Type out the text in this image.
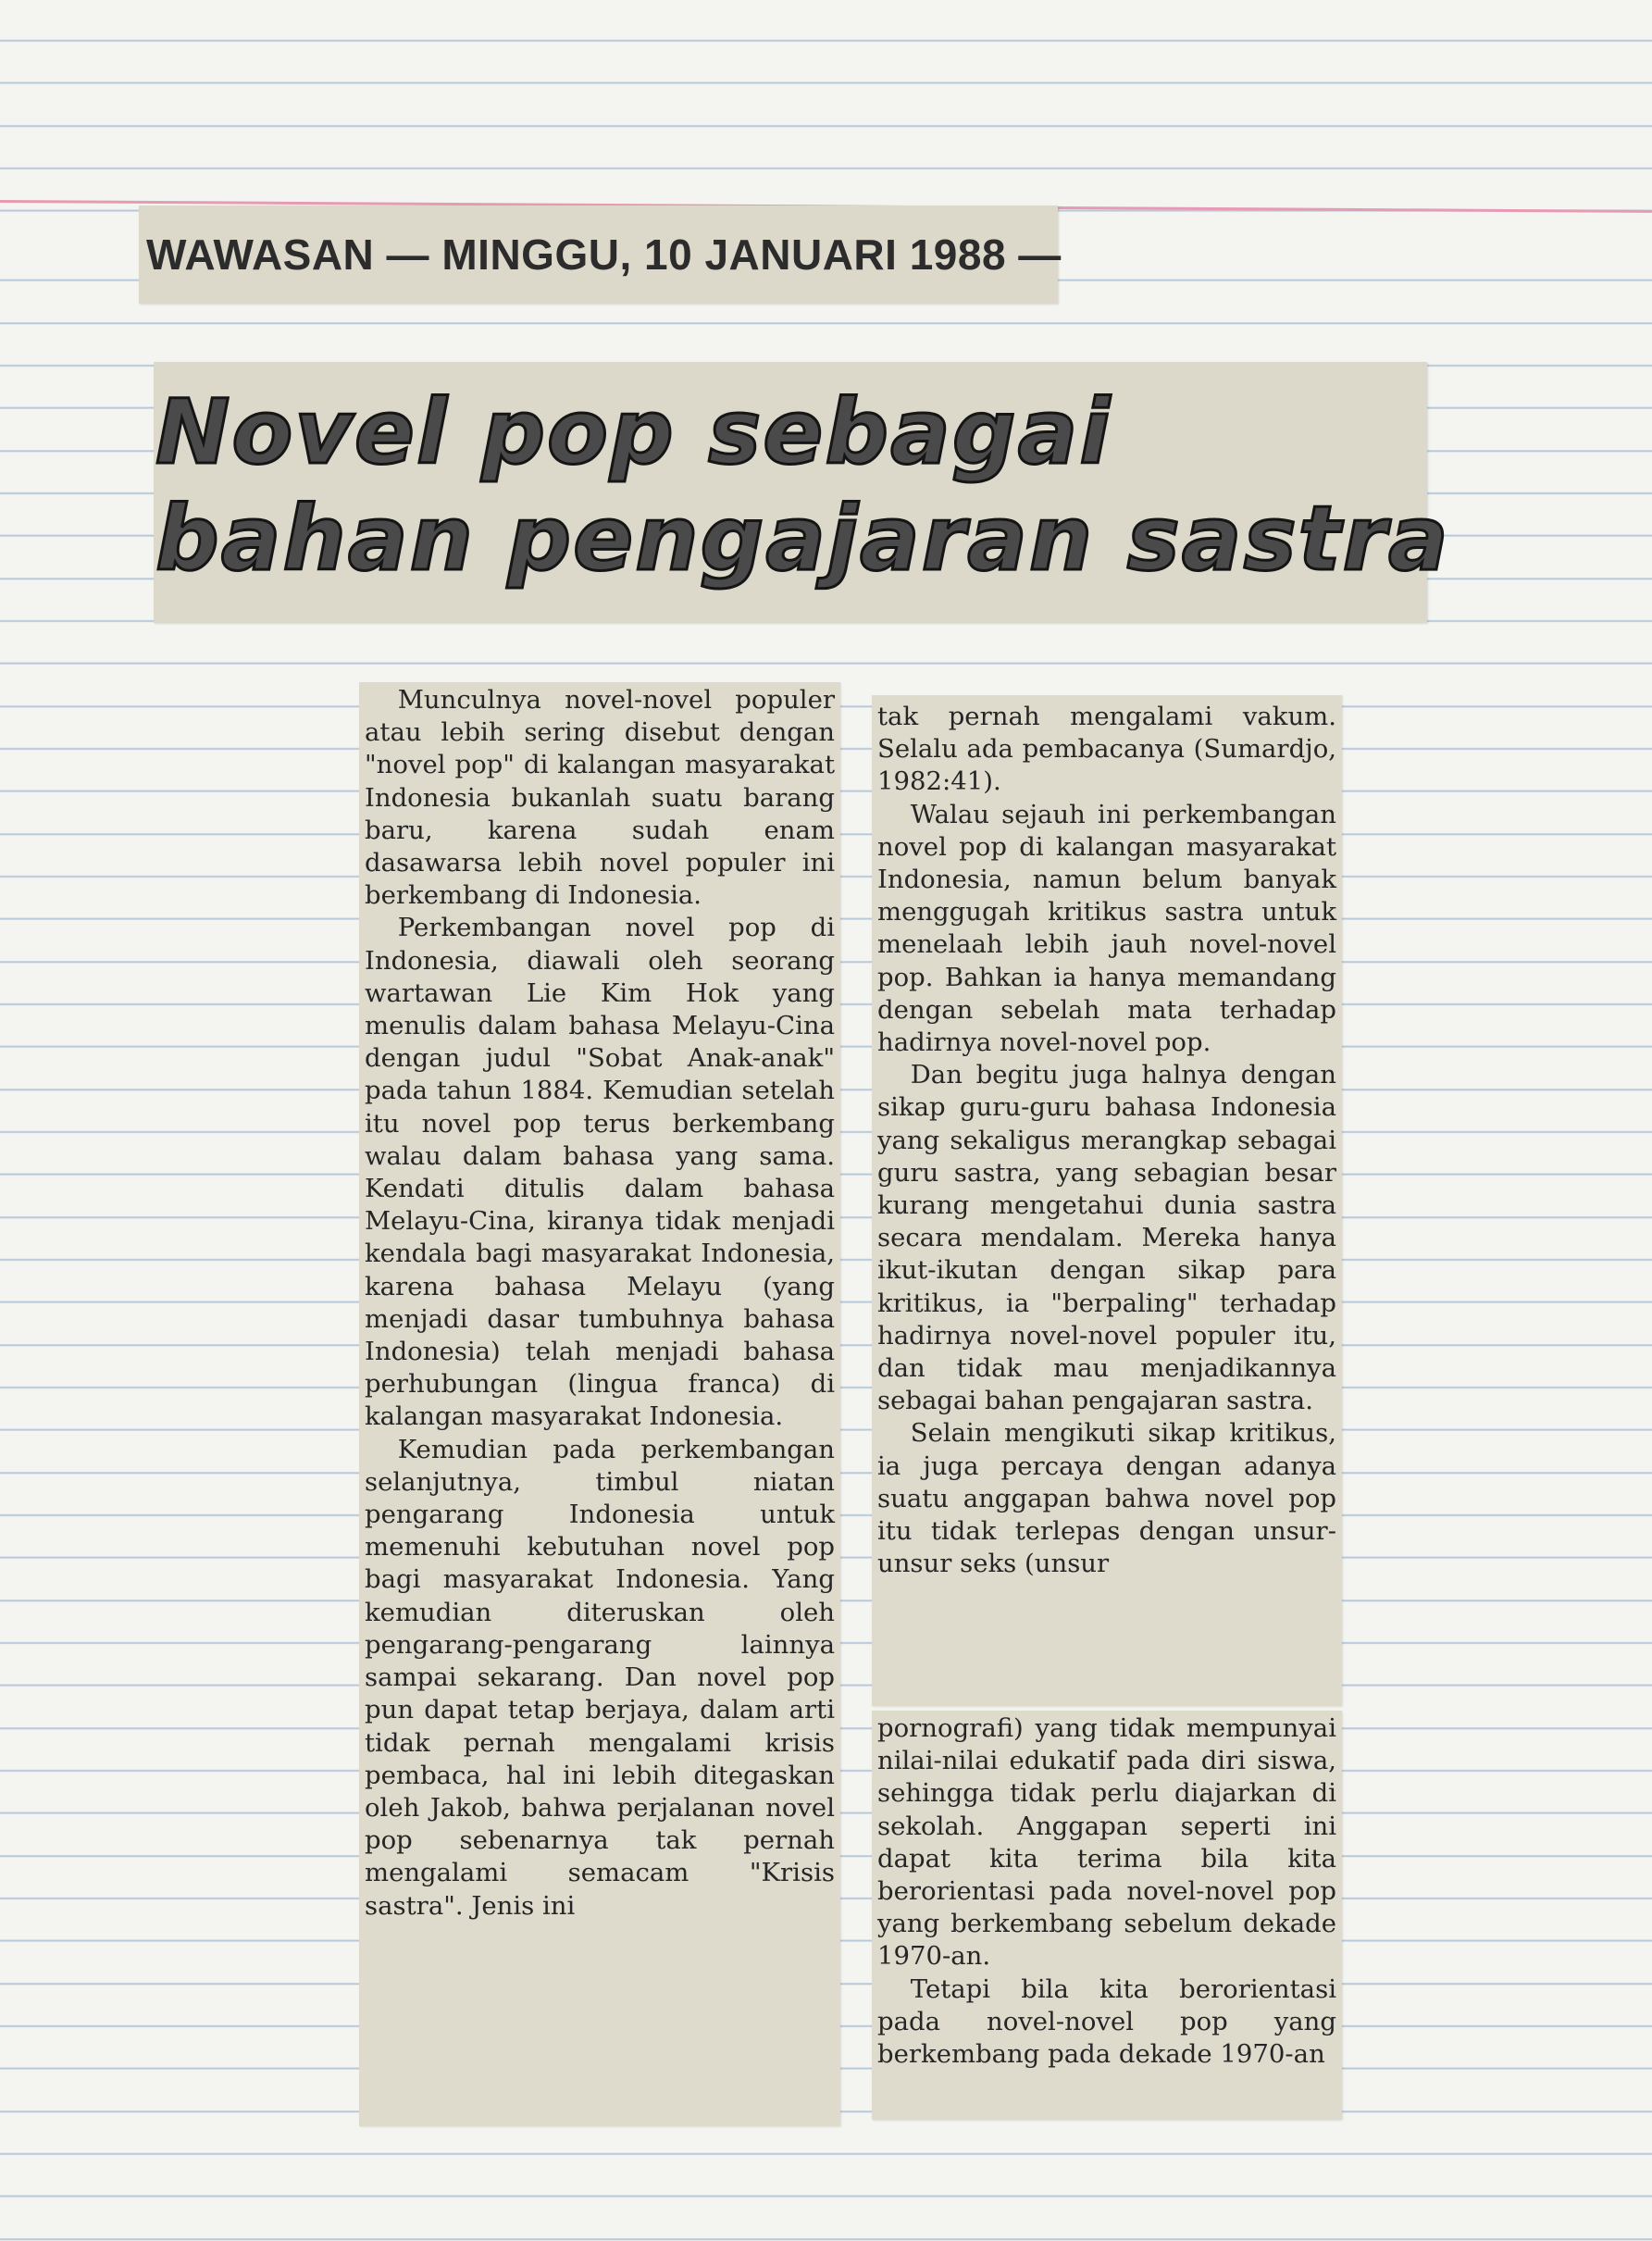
WAWASAN — MINGGU, 10 JANUARI 1988 —
Novel pop sebagai
bahan pengajaran sastra

Munculnya novel-novel populer atau lebih sering disebut dengan "novel pop" di kalangan masyarakat Indonesia bukanlah suatu barang baru, karena sudah enam dasawarsa lebih novel populer ini berkembang di Indonesia.

Perkembangan novel pop di Indonesia, diawali oleh seorang wartawan Lie Kim Hok yang menulis dalam bahasa Melayu-Cina dengan judul "Sobat Anak-anak" pada tahun 1884. Kemudian setelah itu novel pop terus berkembang walau dalam bahasa yang sama. Kendati ditulis dalam bahasa Melayu-Cina, kiranya tidak menjadi kendala bagi masyarakat Indonesia, karena bahasa Melayu (yang menjadi dasar tumbuhnya bahasa Indonesia) telah menjadi bahasa perhubungan (lingua franca) di kalangan masyarakat Indonesia.

Kemudian pada perkembangan selanjutnya, timbul niatan pengarang Indonesia untuk memenuhi kebutuhan novel pop bagi masyarakat Indonesia. Yang kemudian diteruskan oleh pengarang-pengarang lainnya sampai sekarang. Dan novel pop pun dapat tetap berjaya, dalam arti tidak pernah mengalami krisis pembaca, hal ini lebih ditegaskan oleh Jakob, bahwa perjalanan novel pop sebenarnya tak pernah mengalami semacam "Krisis sastra". Jenis ini

tak pernah mengalami vakum. Selalu ada pembacanya (Sumardjo, 1982:41).

Walau sejauh ini perkembangan novel pop di kalangan masyarakat Indonesia, namun belum banyak menggugah kritikus sastra untuk menelaah lebih jauh novel-novel pop. Bahkan ia hanya memandang dengan sebelah mata terhadap hadirnya novel-novel pop.

Dan begitu juga halnya dengan sikap guru-guru bahasa Indonesia yang sekaligus merangkap sebagai guru sastra, yang sebagian besar kurang mengetahui dunia sastra secara mendalam. Mereka hanya ikut-ikutan dengan sikap para kritikus, ia "berpaling" terhadap hadirnya novel-novel populer itu, dan tidak mau menjadikannya sebagai bahan pengajaran sastra.

Selain mengikuti sikap kritikus, ia juga percaya dengan adanya suatu anggapan bahwa novel pop itu tidak terlepas dengan unsur-unsur seks (unsur

pornografi) yang tidak mempunyai nilai-nilai edukatif pada diri siswa, sehingga tidak perlu diajarkan di sekolah. Anggapan seperti ini dapat kita terima bila kita berorientasi pada novel-novel pop yang berkembang sebelum dekade 1970-an.

Tetapi bila kita berorientasi pada novel-novel pop yang berkembang pada dekade 1970-an
